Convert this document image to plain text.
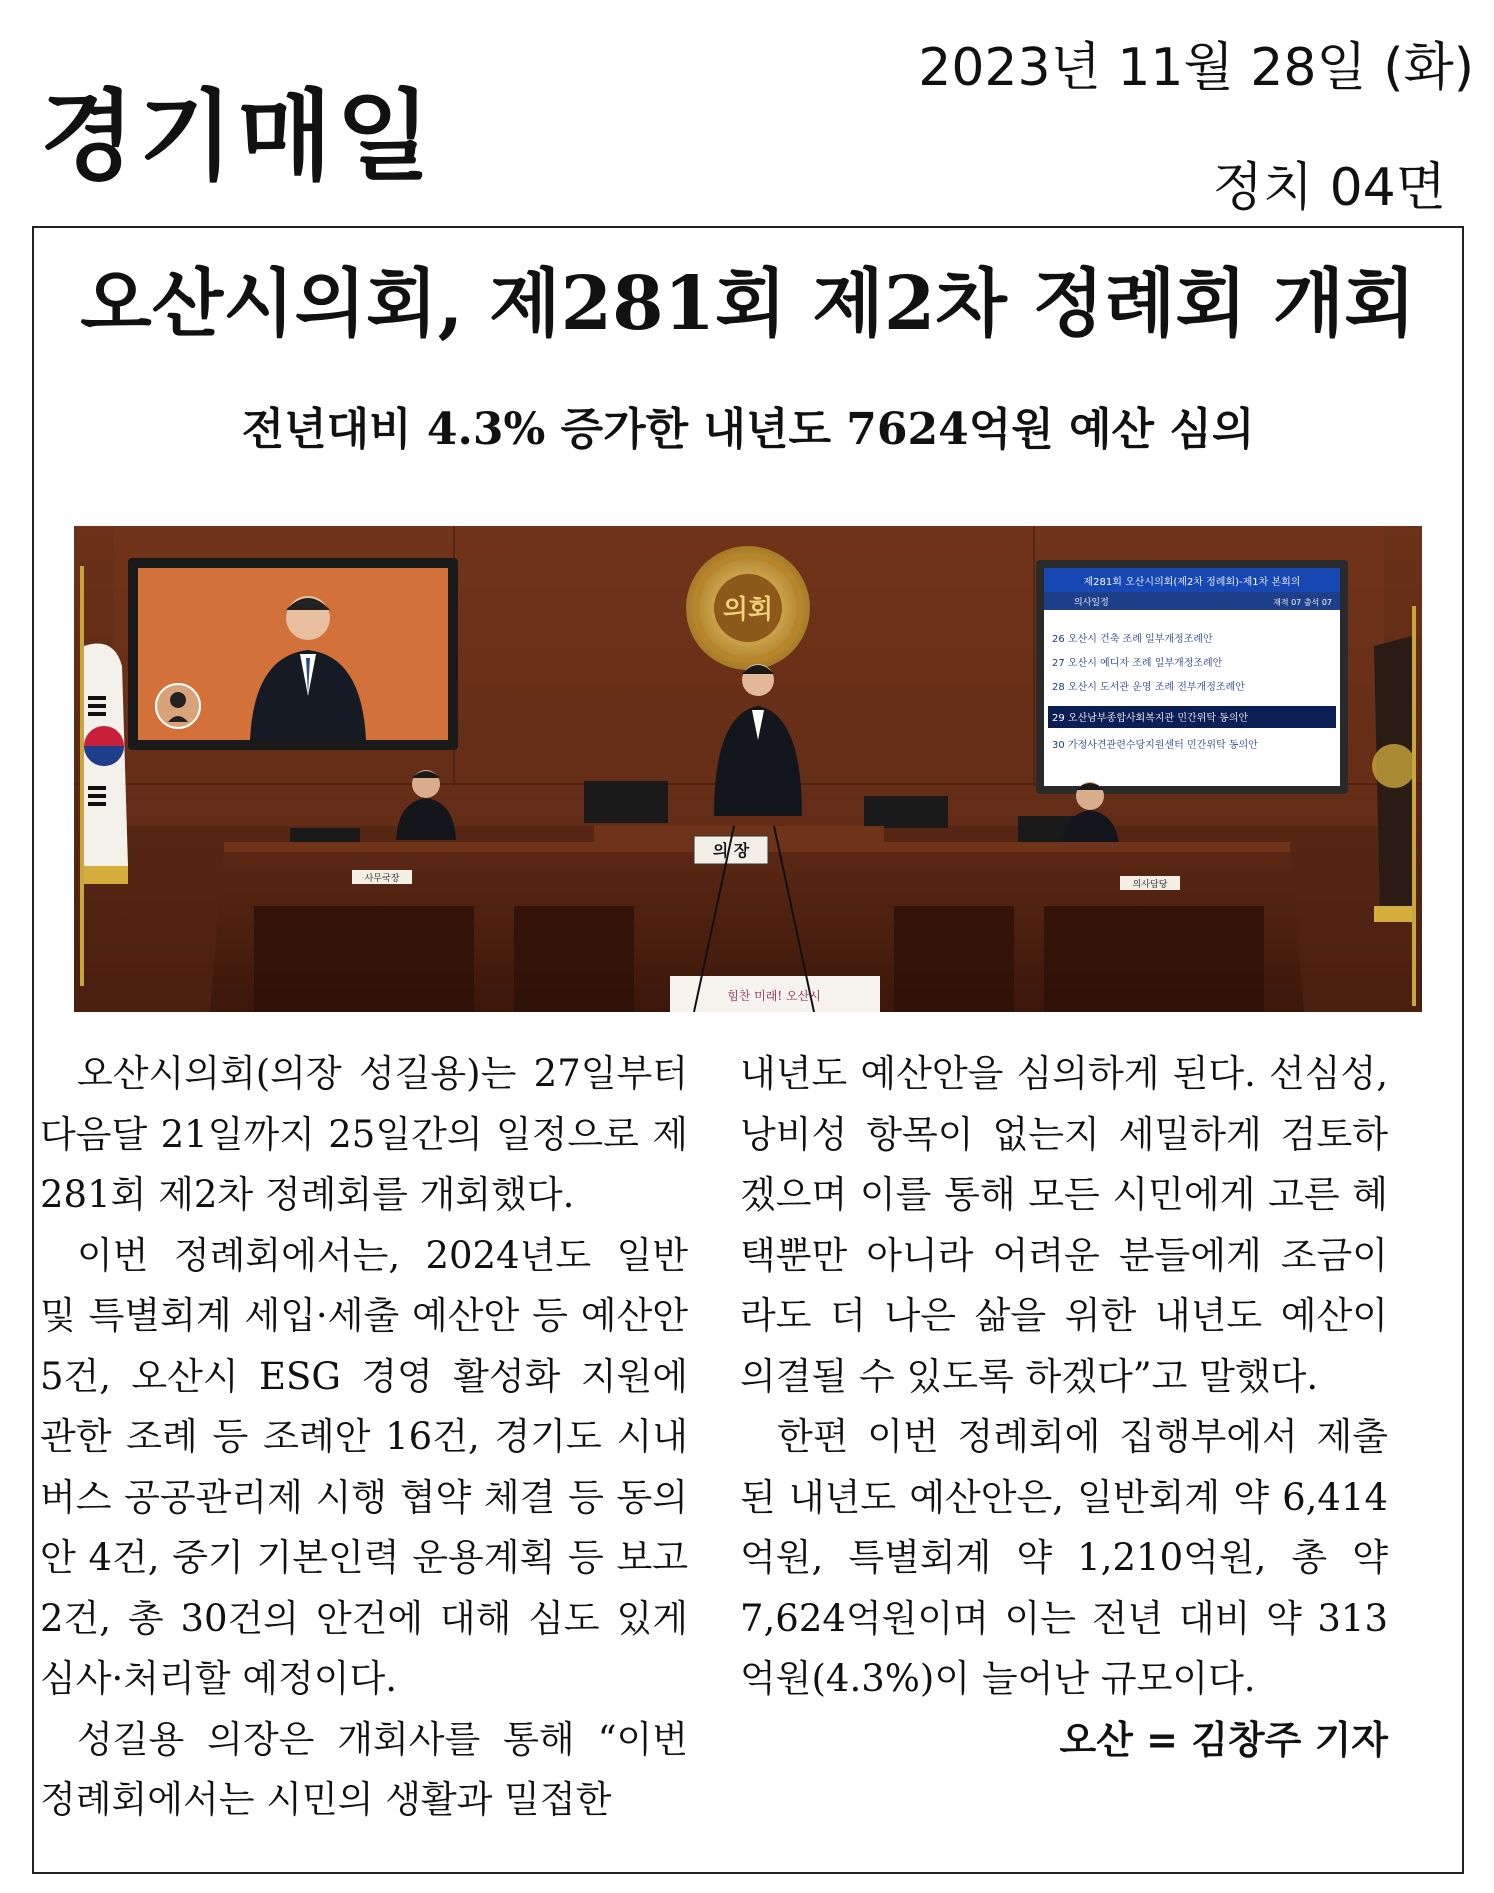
경기매일
2023년 11월 28일 (화)
정치 04면
오산시의회, 제281회 제2차 정례회 개회
전년대비 4.3% 증가한 내년도 7624억원 예산 심의
제281회 오산시의회(제2차 정례회)-제1차 본회의
의사일정	재적 07 출석 07
26 오산시 건축 조례 일부개정조례안
27 오산시 예디자 조례 일부개정조례안
28 오산시 도서관 운영 조례 전부개정조례안
29 오산남부종합사회복지관 민간위탁 동의안
30 가정사견관련수당지원센터 민간위탁 동의안
의회
의 장
사무국장
의사담당
힘찬 미래! 오산시

오산시의회(의장 성길용)는 27일부터 다음달 21일까지 25일간의 일정으로 제281회 제2차 정례회를 개회했다.

이번 정례회에서는, 2024년도 일반 및 특별회계 세입·세출 예산안 등 예산안 5건, 오산시 ESG 경영 활성화 지원에 관한 조례 등 조례안 16건, 경기도 시내버스 공공관리제 시행 협약 체결 등 동의안 4건, 중기 기본인력 운용계획 등 보고 2건, 총 30건의 안건에 대해 심도 있게 심사·처리할 예정이다.

성길용 의장은 개회사를 통해 “이번 정례회에서는 시민의 생활과 밀접한

내년도 예산안을 심의하게 된다. 선심성, 낭비성 항목이 없는지 세밀하게 검토하겠으며 이를 통해 모든 시민에게 고른 혜택뿐만 아니라 어려운 분들에게 조금이라도 더 나은 삶을 위한 내년도 예산이 의결될 수 있도록 하겠다”고 말했다.

한편 이번 정례회에 집행부에서 제출된 내년도 예산안은, 일반회계 약 6,414억원, 특별회계 약 1,210억원, 총 약 7,624억원이며 이는 전년 대비 약 313억원(4.3%)이 늘어난 규모이다.

오산 = 김창주 기자
